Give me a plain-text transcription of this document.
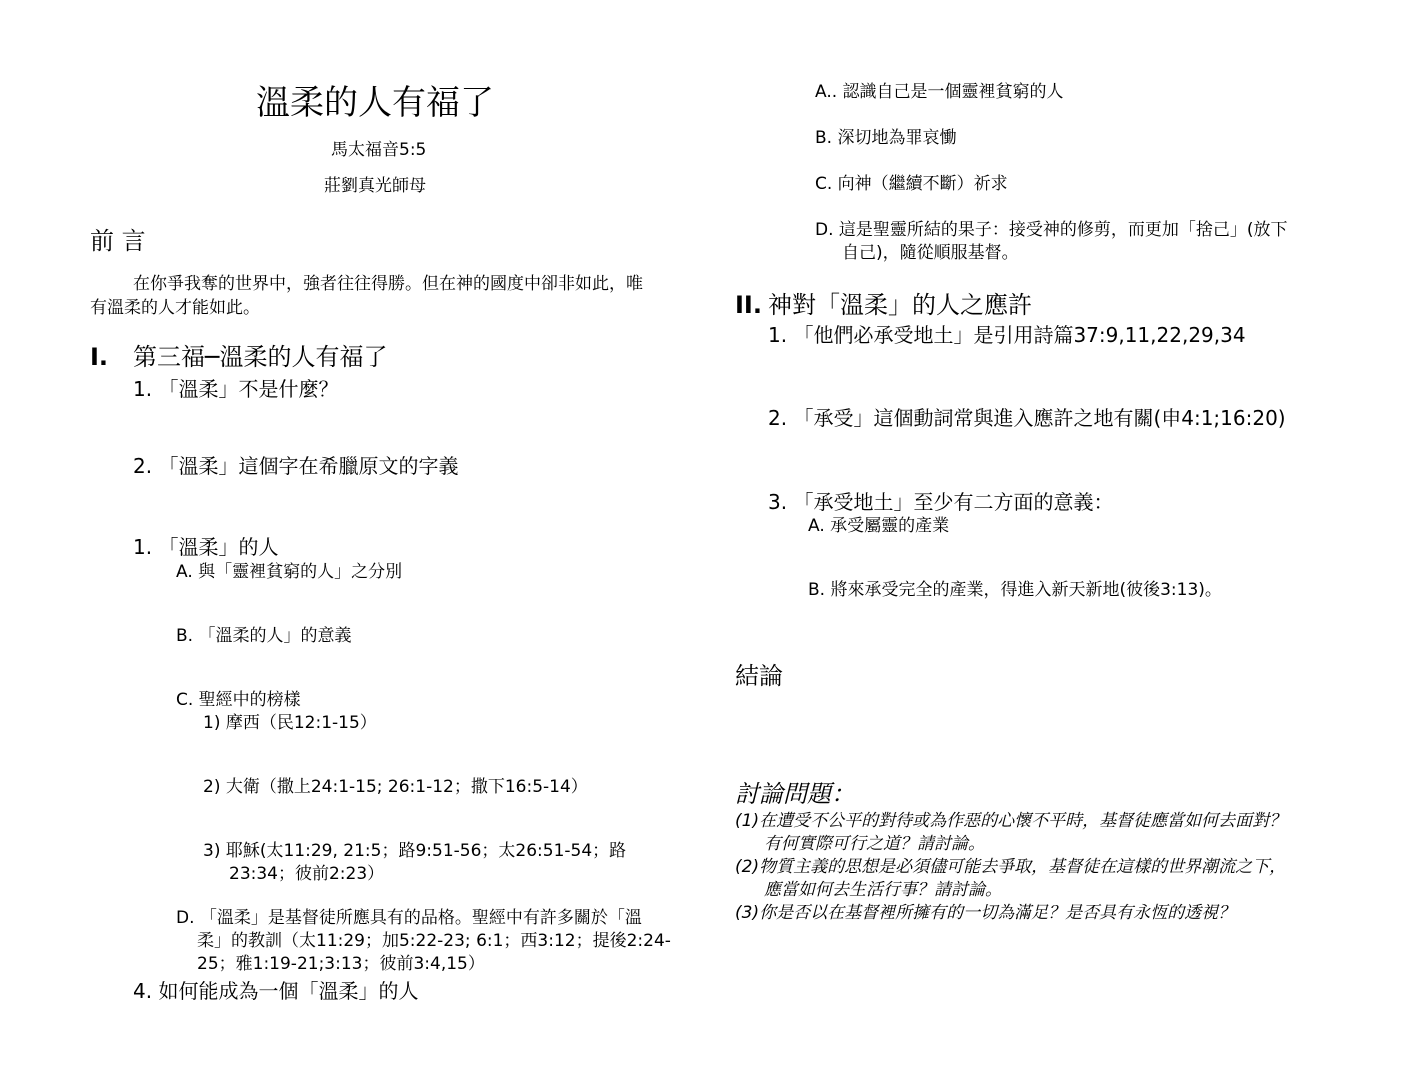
溫柔的人有福了
馬太福音5:5
莊劉真光師母
前 言
在你爭我奪的世界中，強者往往得勝。但在神的國度中卻非如此，唯
有溫柔的人才能如此。
I. 第三福─溫柔的人有福了
1. 「溫柔」不是什麼？
2. 「溫柔」這個字在希臘原文的字義
1. 「溫柔」的人
A. 與「靈裡貧窮的人」之分別
B. 「溫柔的人」的意義
C. 聖經中的榜樣
1) 摩西（民12:1-15）
2) 大衛（撒上24:1-15; 26:1-12；撒下16:5-14）
3) 耶穌(太11:29, 21:5；路9:51-56；太26:51-54；路
23:34；彼前2:23）
D. 「溫柔」是基督徒所應具有的品格。聖經中有許多關於「溫
柔」的教訓（太11:29；加5:22-23; 6:1；西3:12；提後2:24-
25；雅1:19-21;3:13；彼前3:4,15）
4. 如何能成為一個「溫柔」的人
A.. 認識自己是一個靈裡貧窮的人
B. 深切地為罪哀慟
C. 向神（繼續不斷）祈求
D. 這是聖靈所結的果子：接受神的修剪，而更加「捨己」(放下
自己)，隨從順服基督。
II. 神對「溫柔」的人之應許
1. 「他們必承受地土」是引用詩篇37:9,11,22,29,34
2. 「承受」這個動詞常與進入應許之地有關(申4:1;16:20)
3. 「承受地土」至少有二方面的意義：
A. 承受屬靈的產業
B. 將來承受完全的產業，得進入新天新地(彼後3:13)。
結論
討論問題：
(1)在遭受不公平的對待或為作惡的心懷不平時，基督徒應當如何去面對？
有何實際可行之道？請討論。
(2)物質主義的思想是必須儘可能去爭取，基督徒在這樣的世界潮流之下，
應當如何去生活行事？請討論。
(3)你是否以在基督裡所擁有的一切為滿足？是否具有永恆的透視？
